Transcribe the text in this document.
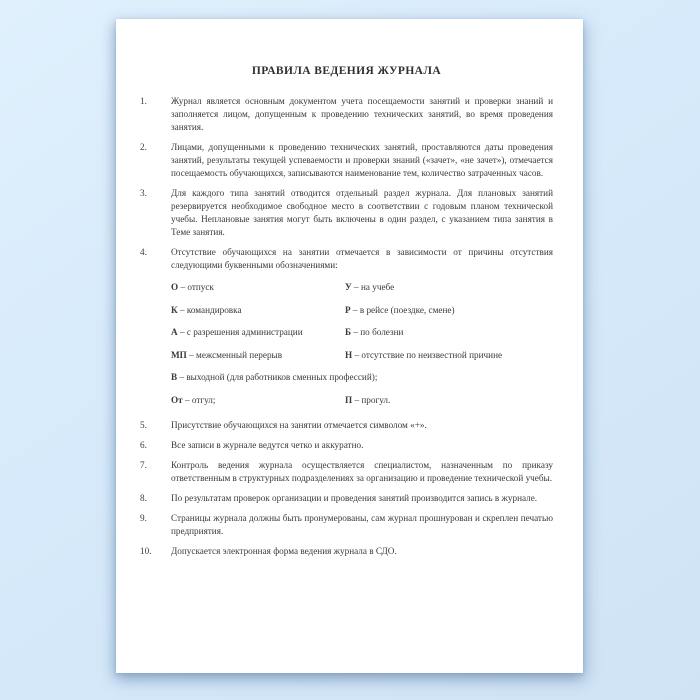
ПРАВИЛА ВЕДЕНИЯ ЖУРНАЛА
1.	Журнал является основным документом учета посещаемости занятий и проверки знаний и заполняется лицом, допущенным к проведению технических занятий, во время проведения занятия.
2.	Лицами, допущенными к проведению технических занятий, проставляются даты проведения занятий, результаты текущей успеваемости и проверки знаний («зачет», «не зачет»), отмечается посещаемость обучающихся, записываются наименование тем, количество затраченных часов.
3.	Для каждого типа занятий отводится отдельный раздел журнала. Для плановых занятий резервируется необходимое свободное место в соответствии с годовым планом технической учебы. Неплановые занятия могут быть включены в один раздел, с указанием типа занятия в Теме занятия.
4.	Отсутствие обучающихся на занятии отмечается в зависимости от причины отсутствия следующими буквенными обозначениями:
О – отпуск	У – на учебе
К – командировка	Р – в рейсе (поездке, смене)
А – с разрешения администрации	Б – по болезни
МП – межсменный перерыв	Н – отсутствие по неизвестной причине
В – выходной (для работников сменных профессий);
От – отгул;	П – прогул.
5.	Присутствие обучающихся на занятии отмечается символом «+».
6.	Все записи в журнале ведутся четко и аккуратно.
7.	Контроль ведения журнала осуществляется специалистом, назначенным по приказу ответственным в структурных подразделениях за организацию и проведение технической учебы.
8.	По результатам проверок организации и проведения занятий производится запись в журнале.
9.	Страницы журнала должны быть пронумерованы, сам журнал прошнурован и скреплен печатью предприятия.
10.	Допускается электронная форма ведения журнала в СДО.
